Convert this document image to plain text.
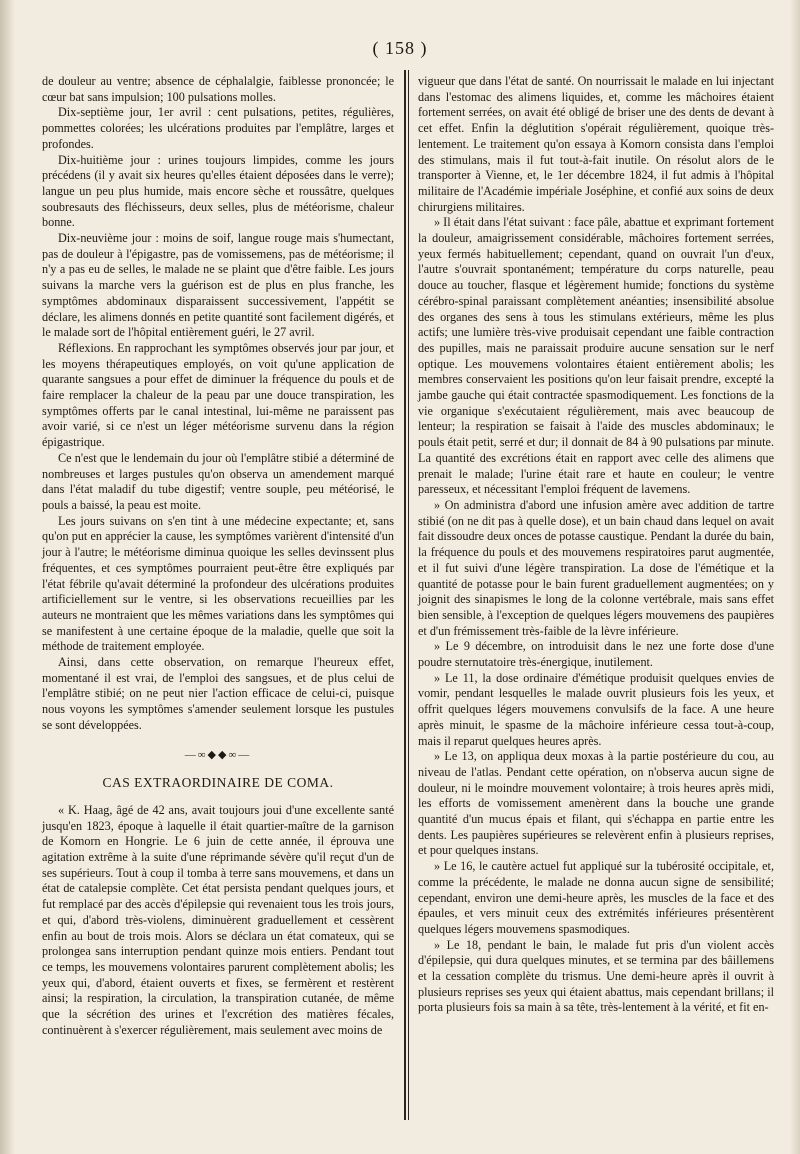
( 158 )

de douleur au ventre; absence de céphalalgie, faiblesse prononcée; le cœur bat sans impulsion; 100 pulsations molles.

Dix-septième jour, 1er avril : cent pulsations, petites, régulières, pommettes colorées; les ulcérations produites par l'emplâtre, larges et profondes.

Dix-huitième jour : urines toujours limpides, comme les jours précédens (il y avait six heures qu'elles étaient déposées dans le verre); langue un peu plus humide, mais encore sèche et roussâtre, quelques soubresauts des fléchisseurs, deux selles, plus de météorisme, chaleur bonne.

Dix-neuvième jour : moins de soif, langue rouge mais s'humectant, pas de douleur à l'épigastre, pas de vomissemens, pas de météorisme; il n'y a pas eu de selles, le malade ne se plaint que d'être faible. Les jours suivans la marche vers la guérison est de plus en plus franche, les symptômes abdominaux disparaissent successivement, l'appétit se déclare, les alimens donnés en petite quantité sont facilement digérés, et le malade sort de l'hôpital entièrement guéri, le 27 avril.

Réflexions. En rapprochant les symptômes observés jour par jour, et les moyens thérapeutiques employés, on voit qu'une application de quarante sangsues a pour effet de diminuer la fréquence du pouls et de faire remplacer la chaleur de la peau par une douce transpiration, les symptômes offerts par le canal intestinal, lui-même ne paraissent pas avoir varié, si ce n'est un léger météorisme survenu dans la région épigastrique.

Ce n'est que le lendemain du jour où l'emplâtre stibié a déterminé de nombreuses et larges pustules qu'on observa un amendement marqué dans l'état maladif du tube digestif; ventre souple, peu météorisé, le pouls a baissé, la peau est moite.

Les jours suivans on s'en tint à une médecine expectante; et, sans qu'on put en apprécier la cause, les symptômes varièrent d'intensité d'un jour à l'autre; le météorisme diminua quoique les selles devinssent plus fréquentes, et ces symptômes pourraient peut-être être expliqués par l'état fébrile qu'avait déterminé la profondeur des ulcérations produites artificiellement sur le ventre, si les observations recueillies par les auteurs ne montraient que les mêmes variations dans les symptômes qui se manifestent à une certaine époque de la maladie, quelle que soit la méthode de traitement employée.

Ainsi, dans cette observation, on remarque l'heureux effet, momentané il est vrai, de l'emploi des sangsues, et de plus celui de l'emplâtre stibié; on ne peut nier l'action efficace de celui-ci, puisque nous voyons les symptômes s'amender seulement lorsque les pustules se sont développées.

—∞◆◆∞—
CAS EXTRAORDINAIRE DE COMA.

« K. Haag, âgé de 42 ans, avait toujours joui d'une excellente santé jusqu'en 1823, époque à laquelle il était quartier-maître de la garnison de Komorn en Hongrie. Le 6 juin de cette année, il éprouva une agitation extrême à la suite d'une réprimande sévère qu'il reçut d'un de ses supérieurs. Tout à coup il tomba à terre sans mouvemens, et dans un état de catalepsie complète. Cet état persista pendant quelques jours, et fut remplacé par des accès d'épilepsie qui revenaient tous les trois jours, et qui, d'abord très-violens, diminuèrent graduellement et cessèrent enfin au bout de trois mois. Alors se déclara un état comateux, qui se prolongea sans interruption pendant quinze mois entiers. Pendant tout ce temps, les mouvemens volontaires parurent complètement abolis; les yeux qui, d'abord, étaient ouverts et fixes, se fermèrent et restèrent ainsi; la respiration, la circulation, la transpiration cutanée, de même que la sécrétion des urines et l'excrétion des matières fécales, continuèrent à s'exercer régulièrement, mais seulement avec moins de

vigueur que dans l'état de santé. On nourrissait le malade en lui injectant dans l'estomac des alimens liquides, et, comme les mâchoires étaient fortement serrées, on avait été obligé de briser une des dents de devant à cet effet. Enfin la déglutition s'opérait régulièrement, quoique très-lentement. Le traitement qu'on essaya à Komorn consista dans l'emploi des stimulans, mais il fut tout-à-fait inutile. On résolut alors de le transporter à Vienne, et, le 1er décembre 1824, il fut admis à l'hôpital militaire de l'Académie impériale Joséphine, et confié aux soins de deux chirurgiens militaires.

» Il était dans l'état suivant : face pâle, abattue et exprimant fortement la douleur, amaigrissement considérable, mâchoires fortement serrées, yeux fermés habituellement; cependant, quand on ouvrait l'un d'eux, l'autre s'ouvrait spontanément; température du corps naturelle, peau douce au toucher, flasque et légèrement humide; fonctions du système cérébro-spinal paraissant complètement anéanties; insensibilité absolue des organes des sens à tous les stimulans extérieurs, même les plus actifs; une lumière très-vive produisait cependant une faible contraction des pupilles, mais ne paraissait produire aucune sensation sur le nerf optique. Les mouvemens volontaires étaient entièrement abolis; les membres conservaient les positions qu'on leur faisait prendre, excepté la jambe gauche qui était contractée spasmodiquement. Les fonctions de la vie organique s'exécutaient régulièrement, mais avec beaucoup de lenteur; la respiration se faisait à l'aide des muscles abdominaux; le pouls était petit, serré et dur; il donnait de 84 à 90 pulsations par minute. La quantité des excrétions était en rapport avec celle des alimens que prenait le malade; l'urine était rare et haute en couleur; le ventre paresseux, et nécessitant l'emploi fréquent de lavemens.

» On administra d'abord une infusion amère avec addition de tartre stibié (on ne dit pas à quelle dose), et un bain chaud dans lequel on avait fait dissoudre deux onces de potasse caustique. Pendant la durée du bain, la fréquence du pouls et des mouvemens respiratoires parut augmentée, et il fut suivi d'une légère transpiration. La dose de l'émétique et la quantité de potasse pour le bain furent graduellement augmentées; on y joignit des sinapismes le long de la colonne vertébrale, mais sans effet bien sensible, à l'exception de quelques légers mouvemens des paupières et d'un frémissement très-faible de la lèvre inférieure.

» Le 9 décembre, on introduisit dans le nez une forte dose d'une poudre sternutatoire très-énergique, inutilement.

» Le 11, la dose ordinaire d'émétique produisit quelques envies de vomir, pendant lesquelles le malade ouvrit plusieurs fois les yeux, et offrit quelques légers mouvemens convulsifs de la face. A une heure après minuit, le spasme de la mâchoire inférieure cessa tout-à-coup, mais il reparut quelques heures après.

» Le 13, on appliqua deux moxas à la partie postérieure du cou, au niveau de l'atlas. Pendant cette opération, on n'observa aucun signe de douleur, ni le moindre mouvement volontaire; à trois heures après midi, les efforts de vomissement amenèrent dans la bouche une grande quantité d'un mucus épais et filant, qui s'échappa en partie entre les dents. Les paupières supérieures se relevèrent enfin à plusieurs reprises, et pour quelques instans.

» Le 16, le cautère actuel fut appliqué sur la tubérosité occipitale, et, comme la précédente, le malade ne donna aucun signe de sensibilité; cependant, environ une demi-heure après, les muscles de la face et des épaules, et vers minuit ceux des extrémités inférieures présentèrent quelques légers mouvemens spasmodiques.

» Le 18, pendant le bain, le malade fut pris d'un violent accès d'épilepsie, qui dura quelques minutes, et se termina par des bâillemens et la cessation complète du trismus. Une demi-heure après il ouvrit à plusieurs reprises ses yeux qui étaient abattus, mais cependant brillans; il porta plusieurs fois sa main à sa tête, très-lentement à la vérité, et fit en-
